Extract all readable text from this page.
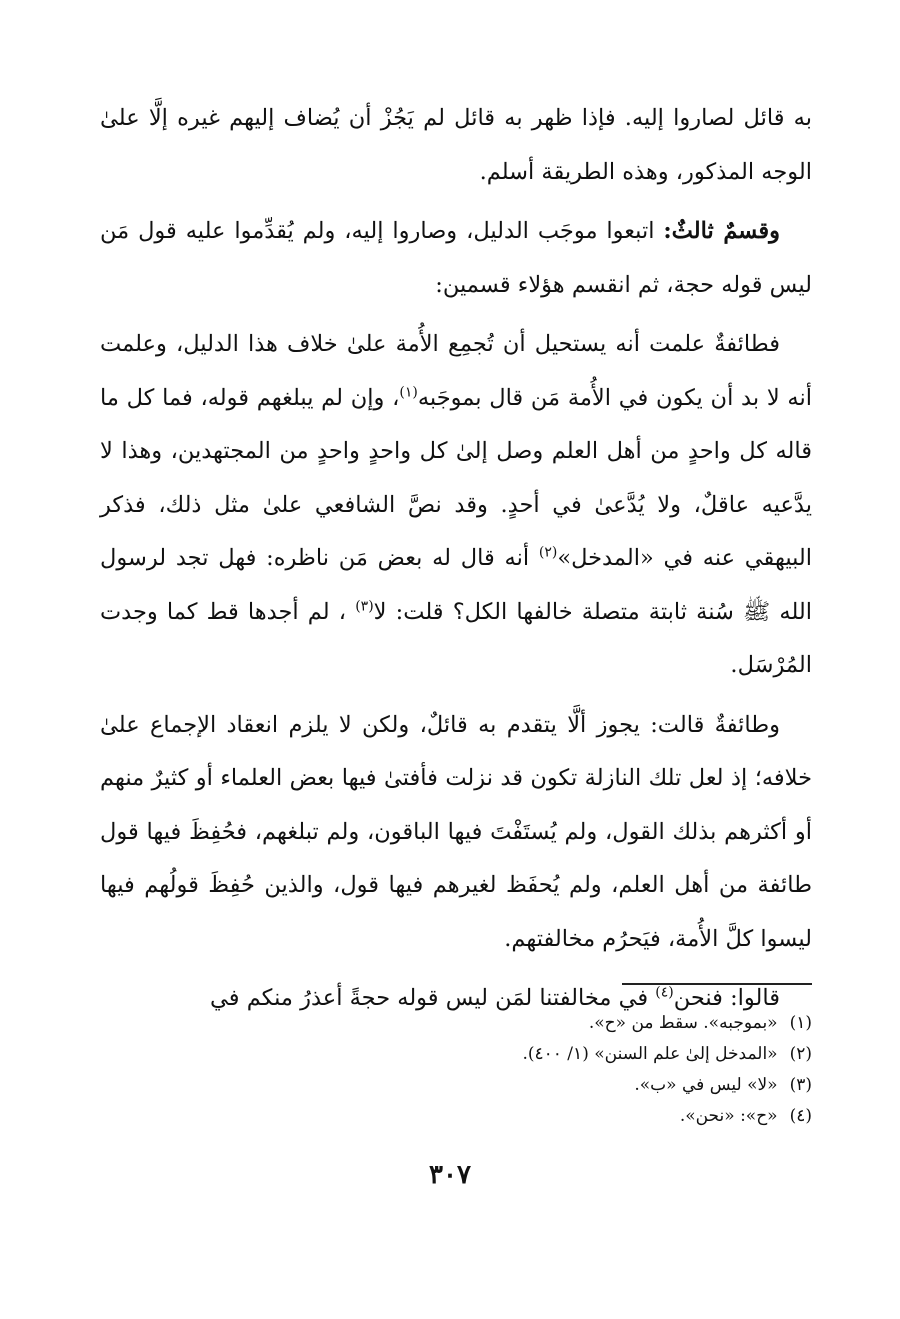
به قائل لصاروا إليه. فإذا ظهر به قائل لم يَجُزْ أن يُضاف إليهم غيره إلَّا علىٰ الوجه المذكور، وهذه الطريقة أسلم.

وقسمٌ ثالثٌ: اتبعوا موجَب الدليل، وصاروا إليه، ولم يُقدِّموا عليه قول مَن ليس قوله حجة، ثم انقسم هؤلاء قسمين:

فطائفةٌ علمت أنه يستحيل أن تُجمِع الأُمة علىٰ خلاف هذا الدليل، وعلمت أنه لا بد أن يكون في الأُمة مَن قال بموجَبه$^{(١)}$، وإن لم يبلغهم قوله، فما كل ما قاله كل واحدٍ من أهل العلم وصل إلىٰ كل واحدٍ واحدٍ من المجتهدين، وهذا لا يدَّعيه عاقلٌ، ولا يُدَّعىٰ في أحدٍ. وقد نصَّ الشافعي علىٰ مثل ذلك، فذكر البيهقي عنه في «المدخل»$^{(٢)}$ أنه قال له بعض مَن ناظره: فهل تجد لرسول الله ﷺ سُنة ثابتة متصلة خالفها الكل؟ قلت: لا$^{(٣)}$ ، لم أجدها قط كما وجدت المُرْسَل.

وطائفةٌ قالت: يجوز ألَّا يتقدم به قائلٌ، ولكن لا يلزم انعقاد الإجماع علىٰ خلافه؛ إذ لعل تلك النازلة تكون قد نزلت فأفتىٰ فيها بعض العلماء أو كثيرٌ منهم أو أكثرهم بذلك القول، ولم يُستَفْتَ فيها الباقون، ولم تبلغهم، فحُفِظَ فيها قول طائفة من أهل العلم، ولم يُحفَظ لغيرهم فيها قول، والذين حُفِظَ قولُهم فيها ليسوا كلَّ الأُمة، فيَحرُم مخالفتهم.

قالوا: فنحن$^{(٤)}$ في مخالفتنا لمَن ليس قوله حجةً أعذرُ منكم في

(١)«بموجبه». سقط من «ح».
(٢)«المدخل إلىٰ علم السنن» (١/ ٤٠٠).
(٣)«لا» ليس في «ب».
(٤)«ح»: «نحن».
٣٠٧
